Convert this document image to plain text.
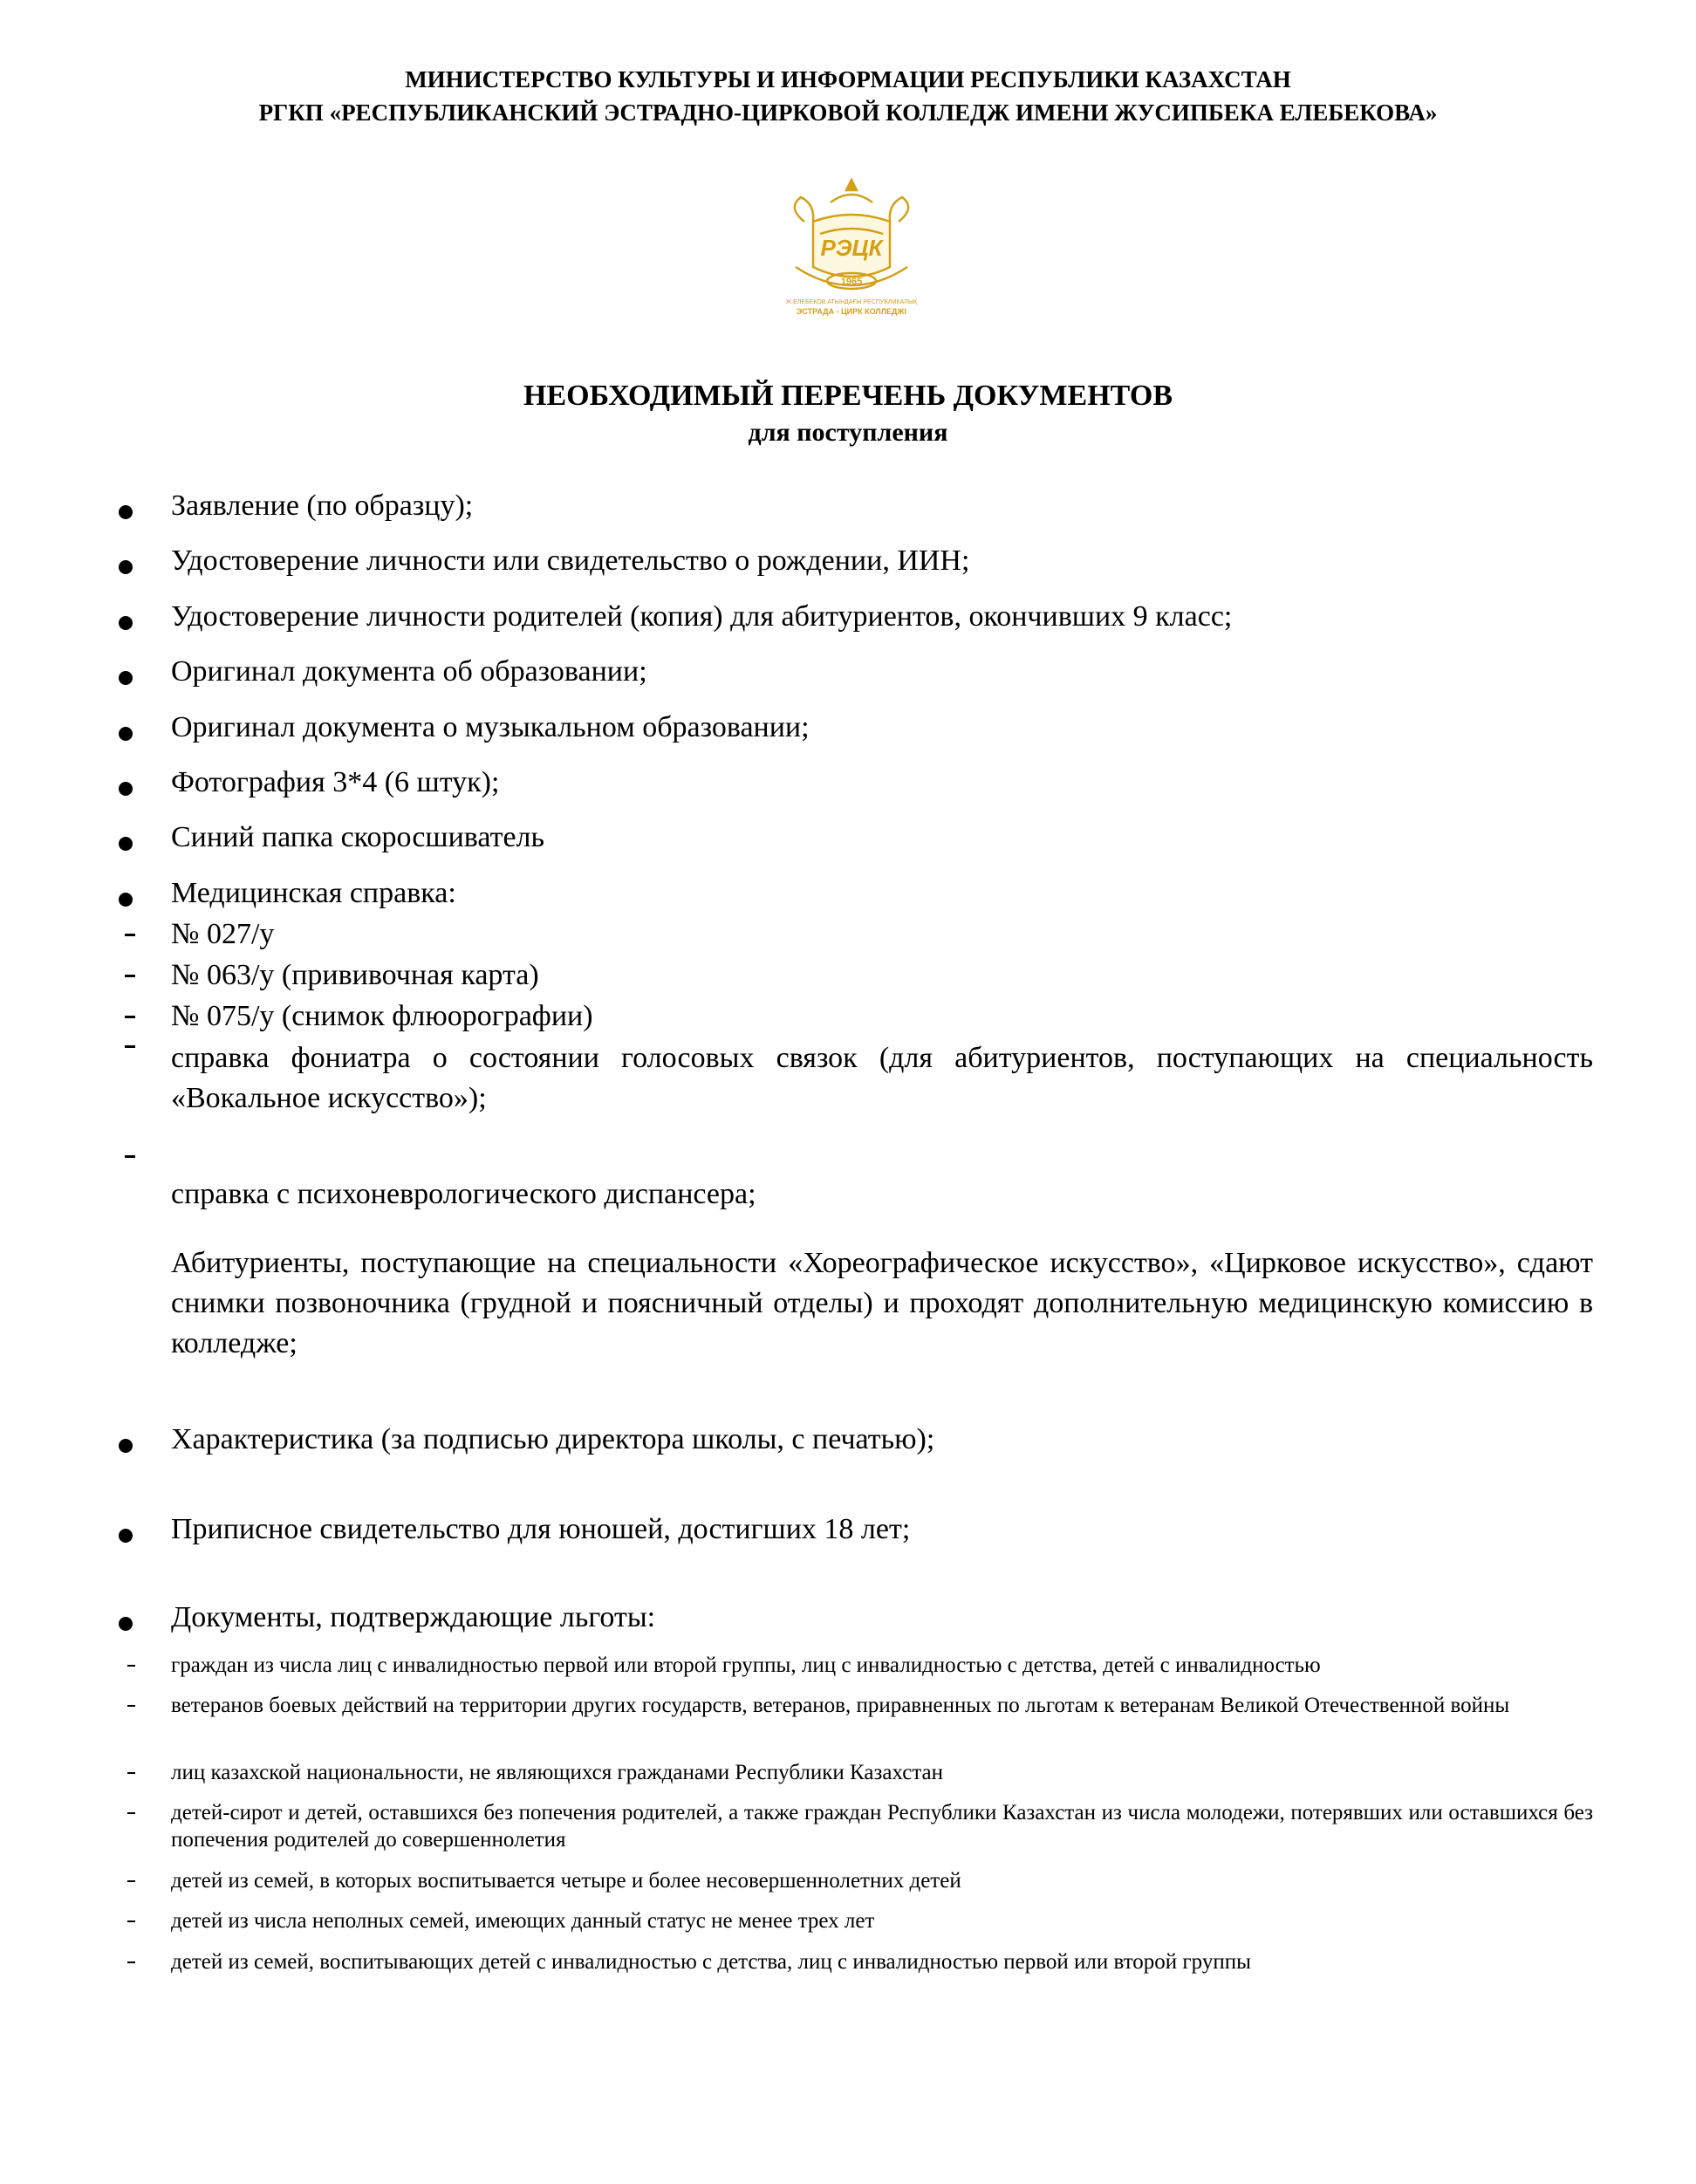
МИНИСТЕРСТВО КУЛЬТУРЫ И ИНФОРМАЦИИ РЕСПУБЛИКИ КАЗАХСТАН
РГКП «РЕСПУБЛИКАНСКИЙ ЭСТРАДНО-ЦИРКОВОЙ КОЛЛЕДЖ ИМЕНИ ЖУСИПБЕКА ЕЛЕБЕКОВА»
РЭЦК
1965
Ж.ЕЛЕБЕКОВ АТЫНДАҒЫ РЕСПУБЛИКАЛЫҚ
ЭСТРАДА - ЦИРК КОЛЛЕДЖІ
НЕОБХОДИМЫЙ ПЕРЕЧЕНЬ ДОКУМЕНТОВ
для поступления
Заявление (по образцу);
Удостоверение личности или свидетельство о рождении, ИИН;
Удостоверение личности родителей (копия) для абитуриентов, окончивших 9 класс;
Оригинал документа об образовании;
Оригинал документа о музыкальном образовании;
Фотография 3*4 (6 штук);
Синий папка скоросшиватель
Медицинская справка:
№ 027/у
№ 063/у (прививочная карта)
№ 075/у (снимок флюорографии)
справка фониатра о состоянии голосовых связок (для абитуриентов, поступающих на специальность «Вокальное искусство»);
справка с психоневрологического диспансера;
Абитуриенты, поступающие на специальности «Хореографическое искусство», «Цирковое искусство», сдают снимки позвоночника (грудной и поясничный отделы) и проходят дополнительную медицинскую комиссию в колледже;
Характеристика (за подписью директора школы, с печатью);
Приписное свидетельство для юношей, достигших 18 лет;
Документы, подтверждающие льготы:
граждан из числа лиц с инвалидностью первой или второй группы, лиц с инвалидностью с детства, детей с инвалидностью
ветеранов боевых действий на территории других государств, ветеранов, приравненных по льготам к ветеранам Великой Отечественной войны
лиц казахской национальности, не являющихся гражданами Республики Казахстан
детей-сирот и детей, оставшихся без попечения родителей, а также граждан Республики Казахстан из числа молодежи, потерявших или оставшихся без попечения родителей до совершеннолетия
детей из семей, в которых воспитывается четыре и более несовершеннолетних детей
детей из числа неполных семей, имеющих данный статус не менее трех лет
детей из семей, воспитывающих детей с инвалидностью с детства, лиц с инвалидностью первой или второй группы
